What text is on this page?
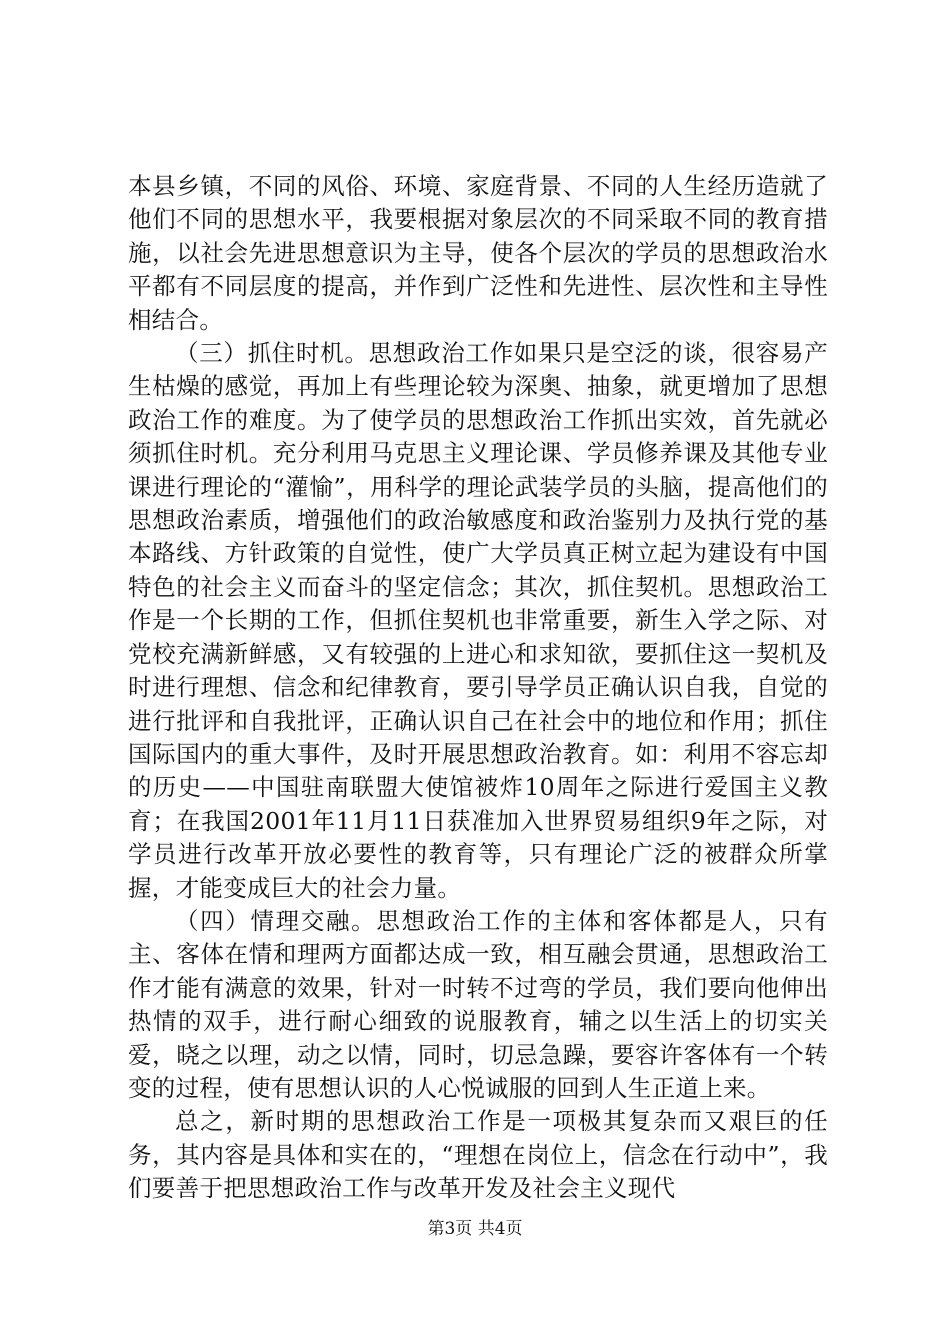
本县乡镇，不同的风俗、环境、家庭背景、不同的人生经历造就了他们不同的思想水平，我要根据对象层次的不同采取不同的教育措施，以社会先进思想意识为主导，使各个层次的学员的思想政治水平都有不同层度的提高，并作到广泛性和先进性、层次性和主导性相结合。

（三）抓住时机。思想政治工作如果只是空泛的谈，很容易产生枯燥的感觉，再加上有些理论较为深奥、抽象，就更增加了思想政治工作的难度。为了使学员的思想政治工作抓出实效，首先就必须抓住时机。充分利用马克思主义理论课、学员修养课及其他专业课进行理论的“灌愉”，用科学的理论武装学员的头脑，提高他们的思想政治素质，增强他们的政治敏感度和政治鉴别力及执行党的基本路线、方针政策的自觉性，使广大学员真正树立起为建设有中国特色的社会主义而奋斗的坚定信念；其次，抓住契机。思想政治工作是一个长期的工作，但抓住契机也非常重要，新生入学之际、对党校充满新鲜感，又有较强的上进心和求知欲，要抓住这一契机及时进行理想、信念和纪律教育，要引导学员正确认识自我，自觉的进行批评和自我批评，正确认识自己在社会中的地位和作用；抓住国际国内的重大事件，及时开展思想政治教育。如：利用不容忘却的历史——中国驻南联盟大使馆被炸10周年之际进行爱国主义教育；在我国2001年11月11日获准加入世界贸易组织9年之际，对学员进行改革开放必要性的教育等，只有理论广泛的被群众所掌握，才能变成巨大的社会力量。

（四）情理交融。思想政治工作的主体和客体都是人，只有主、客体在情和理两方面都达成一致，相互融会贯通，思想政治工作才能有满意的效果，针对一时转不过弯的学员，我们要向他伸出热情的双手，进行耐心细致的说服教育，辅之以生活上的切实关爱，晓之以理，动之以情，同时，切忌急躁，要容许客体有一个转变的过程，使有思想认识的人心悦诚服的回到人生正道上来。

总之，新时期的思想政治工作是一项极其复杂而又艰巨的任务，其内容是具体和实在的，“理想在岗位上，信念在行动中”，我们要善于把思想政治工作与改革开发及社会主义现代

第3页 共4页
